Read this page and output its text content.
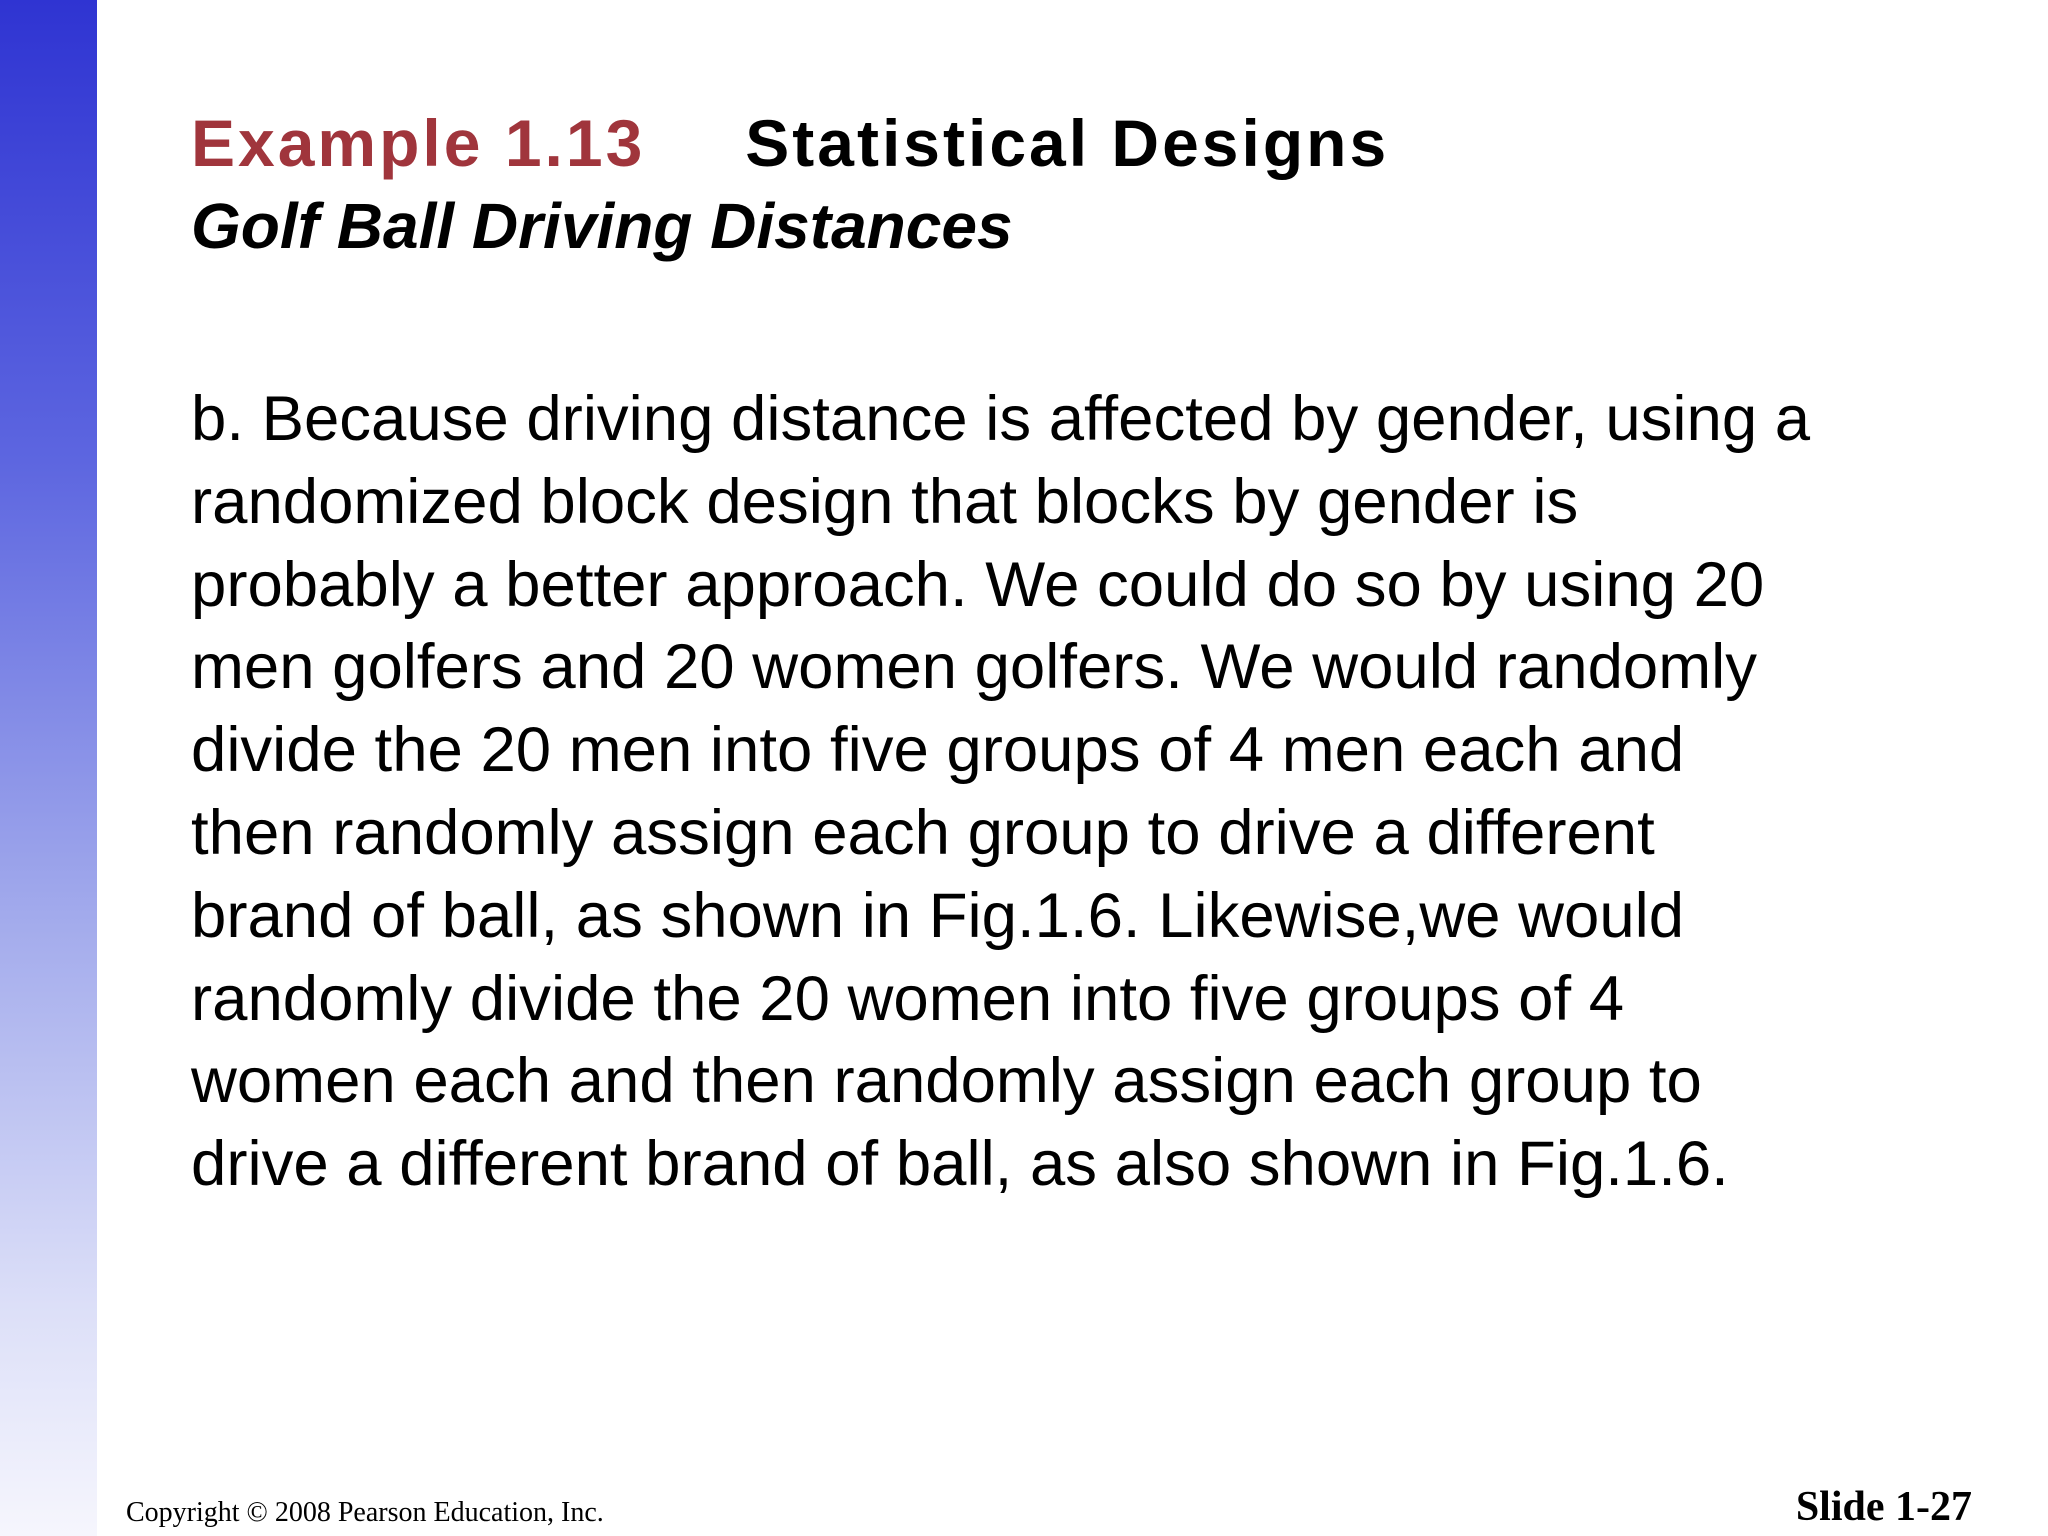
Example 1.13 Statistical Designs
Golf Ball Driving Distances
b. Because driving distance is affected by gender, using a
randomized block design that blocks by gender is
probably a better approach. We could do so by using 20
men golfers and 20 women golfers. We would randomly
divide the 20 men into five groups of 4 men each and
then randomly assign each group to drive a different
brand of ball, as shown in Fig.1.6. Likewise,we would
randomly divide the 20 women into five groups of 4
women each and then randomly assign each group to
drive a different brand of ball, as also shown in Fig.1.6.
Copyright © 2008 Pearson Education, Inc.	Slide 1-27
